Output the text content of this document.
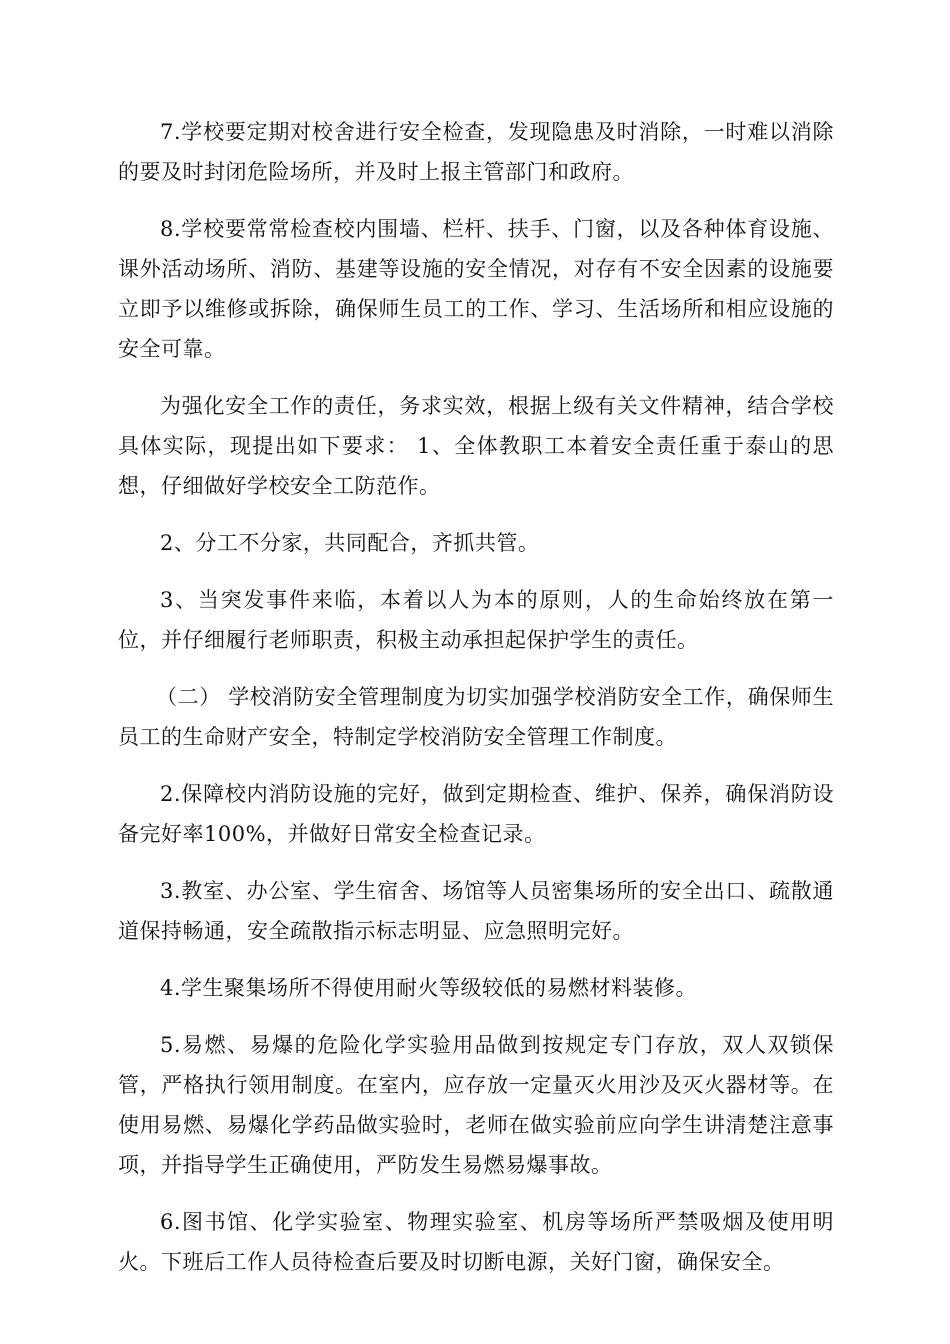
7.学校要定期对校舍进行安全检查，发现隐患及时消除，一时难以消除的要及时封闭危险场所，并及时上报主管部门和政府。

8.学校要常常检查校内围墙、栏杆、扶手、门窗，以及各种体育设施、课外活动场所、消防、基建等设施的安全情况，对存有不安全因素的设施要立即予以维修或拆除，确保师生员工的工作、学习、生活场所和相应设施的安全可靠。

为强化安全工作的责任，务求实效，根据上级有关文件精神，结合学校具体实际，现提出如下要求： 1、全体教职工本着安全责任重于泰山的思想，仔细做好学校安全工防范作。

2、分工不分家，共同配合，齐抓共管。

3、当突发事件来临，本着以人为本的原则，人的生命始终放在第一位，并仔细履行老师职责，积极主动承担起保护学生的责任。

（二） 学校消防安全管理制度为切实加强学校消防安全工作，确保师生员工的生命财产安全，特制定学校消防安全管理工作制度。

2.保障校内消防设施的完好，做到定期检查、维护、保养，确保消防设备完好率100%，并做好日常安全检查记录。

3.教室、办公室、学生宿舍、场馆等人员密集场所的安全出口、疏散通道保持畅通，安全疏散指示标志明显、应急照明完好。

4.学生聚集场所不得使用耐火等级较低的易燃材料装修。

5.易燃、易爆的危险化学实验用品做到按规定专门存放，双人双锁保管，严格执行领用制度。在室内，应存放一定量灭火用沙及灭火器材等。在使用易燃、易爆化学药品做实验时，老师在做实验前应向学生讲清楚注意事项，并指导学生正确使用，严防发生易燃易爆事故。

6.图书馆、化学实验室、物理实验室、机房等场所严禁吸烟及使用明火。下班后工作人员待检查后要及时切断电源，关好门窗，确保安全。
